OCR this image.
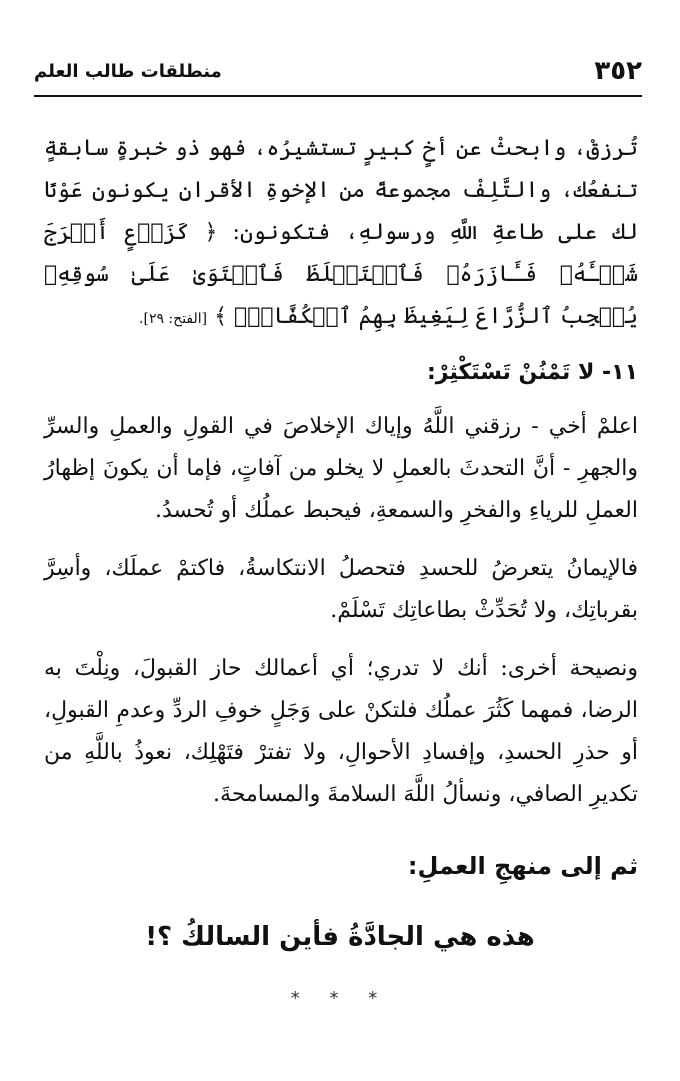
٣٥٢
منطلقات طالب العلم

تُرزقْ، وابحثْ عن أخٍ كبيرٍ تستشيرُه، فهو ذو خبرةٍ سابقةٍ تنفعُك، والتَّلِفْ مجموعةً من الإخوةِ الأقرانِ يكونون عَوْنًا لك على طاعةِ اللَّهِ ورسولهِ، فتكونون: ﴿ كَزَرۡعٍ أَخۡرَجَ شَطۡـَٔهُۥ فَـَٔازَرَهُۥ فَٱسۡتَغۡلَظَ فَٱسۡتَوَىٰ عَلَىٰ سُوقِهِۦ يُعۡجِبُ ٱلزُّرَّاعَ لِيَغِيظَ بِهِمُ ٱلۡكُفَّارَۗ ﴾ [الفتح: ٢٩].

١١- لا تَمْنُنْ تَسْتَكْثِرْ:

اعلمْ أخي - رزقني اللَّهُ وإياك الإخلاصَ في القولِ والعملِ والسرِّ والجهرِ - أنَّ التحدثَ بالعملِ لا يخلو من آفاتٍ، فإما أن يكونَ إظهارُ العملِ للرياءِ والفخرِ والسمعةِ، فيحبط عملُك أو تُحسدُ.

فالإيمانُ يتعرضُ للحسدِ فتحصلُ الانتكاسةُ، فاكتمْ عملَك، وأسِرَّ بقرباتِك، ولا تُحَدِّثْ بطاعاتِك تَسْلَمْ.

ونصيحة أخرى: أنك لا تدري؛ أي أعمالك حاز القبولَ، ونِلْتَ به الرضا، فمهما كَثُرَ عملُك فلتكنْ على وَجَلٍ خوفِ الردِّ وعدمِ القبولِ، أو حذرِ الحسدِ، وإفسادِ الأحوالِ، ولا تفترْ فتَهْلِك، نعوذُ باللَّهِ من تكديرِ الصافي، ونسألُ اللَّهَ السلامةَ والمسامحةَ.

ثم إلى منهجِ العملِ:
هذه هي الجادَّةُ فأين السالكُ ؟!
* * *
